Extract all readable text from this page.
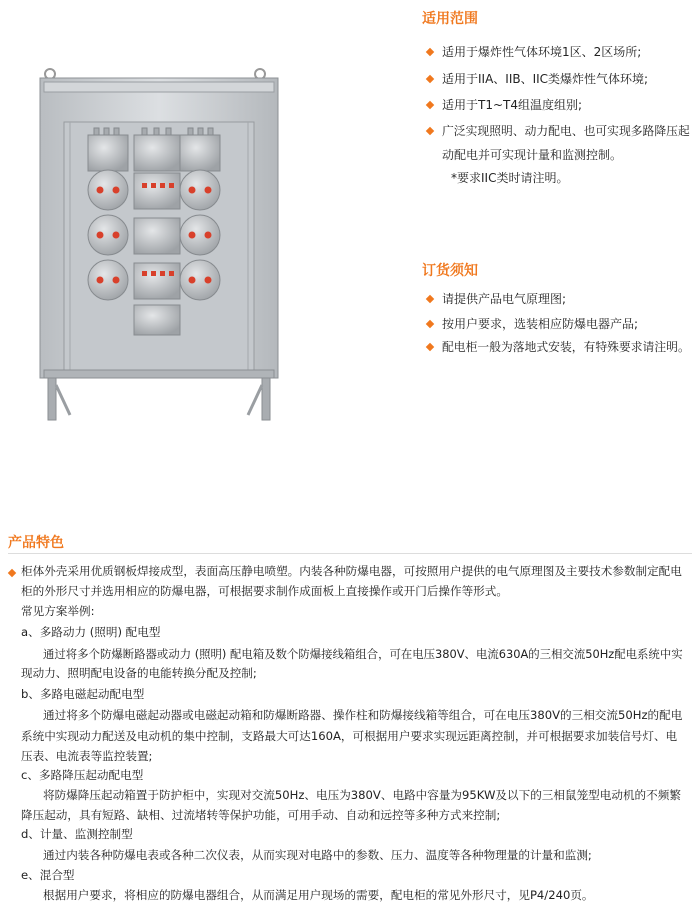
适用范围
适用于爆炸性气体环境1区、2区场所;
适用于IIA、IIB、IIC类爆炸性气体环境;
适用于T1~T4组温度组别;
广泛实现照明、动力配电、也可实现多路降压起
动配电并可实现计量和监测控制。
*要求IIC类时请注明。
订货须知
请提供产品电气原理图;
按用户要求，选装相应防爆电器产品;
配电柜一般为落地式安装，有特殊要求请注明。
产品特色
柜体外壳采用优质钢板焊接成型，表面高压静电喷塑。内装各种防爆电器，可按照用户提供的电气原理图及主要技术参数制定配电
柜的外形尺寸并选用相应的防爆电器，可根据要求制作成面板上直接操作或开门后操作等形式。
常见方案举例:
a、多路动力 (照明) 配电型
通过将多个防爆断路器或动力 (照明) 配电箱及数个防爆接线箱组合，可在电压380V、电流630A的三相交流50Hz配电系统中实
现动力、照明配电设备的电能转换分配及控制;
b、多路电磁起动配电型
通过将多个防爆电磁起动器或电磁起动箱和防爆断路器、操作柱和防爆接线箱等组合，可在电压380V的三相交流50Hz的配电
系统中实现动力配送及电动机的集中控制，支路最大可达160A，可根据用户要求实现远距离控制，并可根据要求加装信号灯、电
压表、电流表等监控装置;
c、多路降压起动配电型
将防爆降压起动箱置于防护柜中，实现对交流50Hz、电压为380V、电路中容量为95KW及以下的三相鼠笼型电动机的不频繁
降压起动，具有短路、缺相、过流堵转等保护功能，可用手动、自动和远控等多种方式来控制;
d、计量、监测控制型
通过内装各种防爆电表或各种二次仪表，从而实现对电路中的参数、压力、温度等各种物理量的计量和监测;
e、混合型
根据用户要求，将相应的防爆电器组合，从而满足用户现场的需要，配电柜的常见外形尺寸，见P4/240页。
